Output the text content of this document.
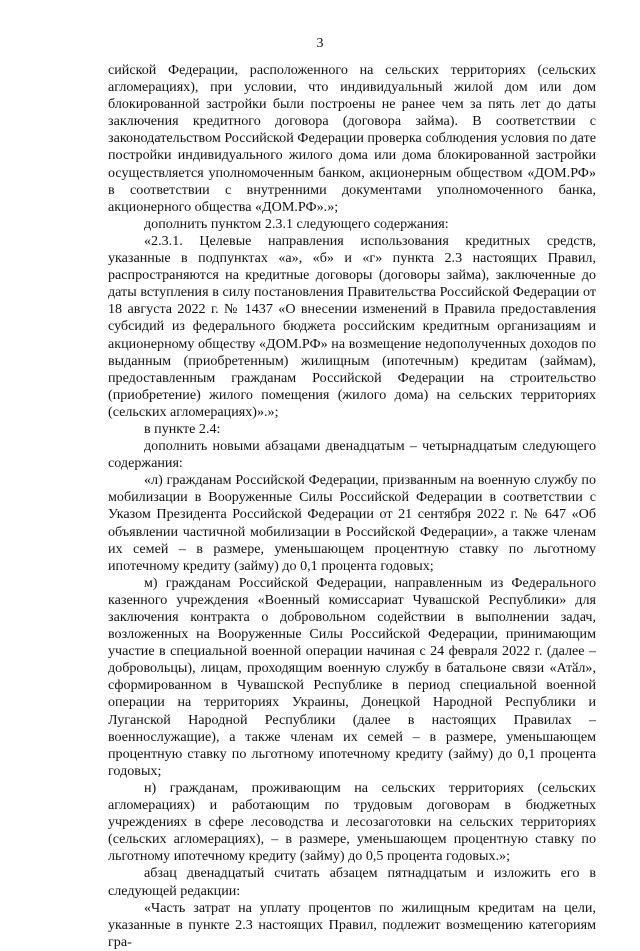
3

сийской Федерации, расположенного на сельских территориях (сельских агломерациях), при условии, что индивидуальный жилой дом или дом блокированной застройки были построены не ранее чем за пять лет до даты заключения кредитного договора (договора займа). В соответствии с законодательством Российской Федерации проверка соблюдения условия по дате постройки индивидуального жилого дома или дома блокированной застройки осуществляется уполномоченным банком, акционерным обществом «ДОМ.РФ» в соответствии с внутренними документами уполномоченного банка, акционерного общества «ДОМ.РФ».»;

дополнить пунктом 2.3.1 следующего содержания:

«2.3.1. Целевые направления использования кредитных средств, указанные в подпунктах «а», «б» и «г» пункта 2.3 настоящих Правил, распространяются на кредитные договоры (договоры займа), заключенные до даты вступления в силу постановления Правительства Российской Федерации от 18 августа 2022 г. № 1437 «О внесении изменений в Правила предоставления субсидий из федерального бюджета российским кредитным организациям и акционерному обществу «ДОМ.РФ» на возмещение недополученных доходов по выданным (приобретенным) жилищным (ипотечным) кредитам (займам), предоставленным гражданам Российской Федерации на строительство (приобретение) жилого помещения (жилого дома) на сельских территориях (сельских агломерациях)».»;

в пункте 2.4:

дополнить новыми абзацами двенадцатым – четырнадцатым следующего содержания:

«л) гражданам Российской Федерации, призванным на военную службу по мобилизации в Вооруженные Силы Российской Федерации в соответствии с Указом Президента Российской Федерации от 21 сентября 2022 г. № 647 «Об объявлении частичной мобилизации в Российской Федерации», а также членам их семей – в размере, уменьшающем процентную ставку по льготному ипотечному кредиту (займу) до 0,1 процента годовых;

м) гражданам Российской Федерации, направленным из Федерального казенного учреждения «Военный комиссариат Чувашской Республики» для заключения контракта о добровольном содействии в выполнении задач, возложенных на Вооруженные Силы Российской Федерации, принимающим участие в специальной военной операции начиная с 24 февраля 2022 г. (далее – добровольцы), лицам, проходящим военную службу в батальоне связи «Атӑл», сформированном в Чувашской Республике в период специальной военной операции на территориях Украины, Донецкой Народной Республики и Луганской Народной Республики (далее в настоящих Правилах – военнослужащие), а также членам их семей – в размере, уменьшающем процентную ставку по льготному ипотечному кредиту (займу) до 0,1 процента годовых;

н) гражданам, проживающим на сельских территориях (сельских агломерациях) и работающим по трудовым договорам в бюджетных учреждениях в сфере лесоводства и лесозаготовки на сельских территориях (сельских агломерациях), – в размере, уменьшающем процентную ставку по льготному ипотечному кредиту (займу) до 0,5 процента годовых.»;

абзац двенадцатый считать абзацем пятнадцатым и изложить его в следующей редакции:

«Часть затрат на уплату процентов по жилищным кредитам на цели, указанные в пункте 2.3 настоящих Правил, подлежит возмещению категориям гра-
